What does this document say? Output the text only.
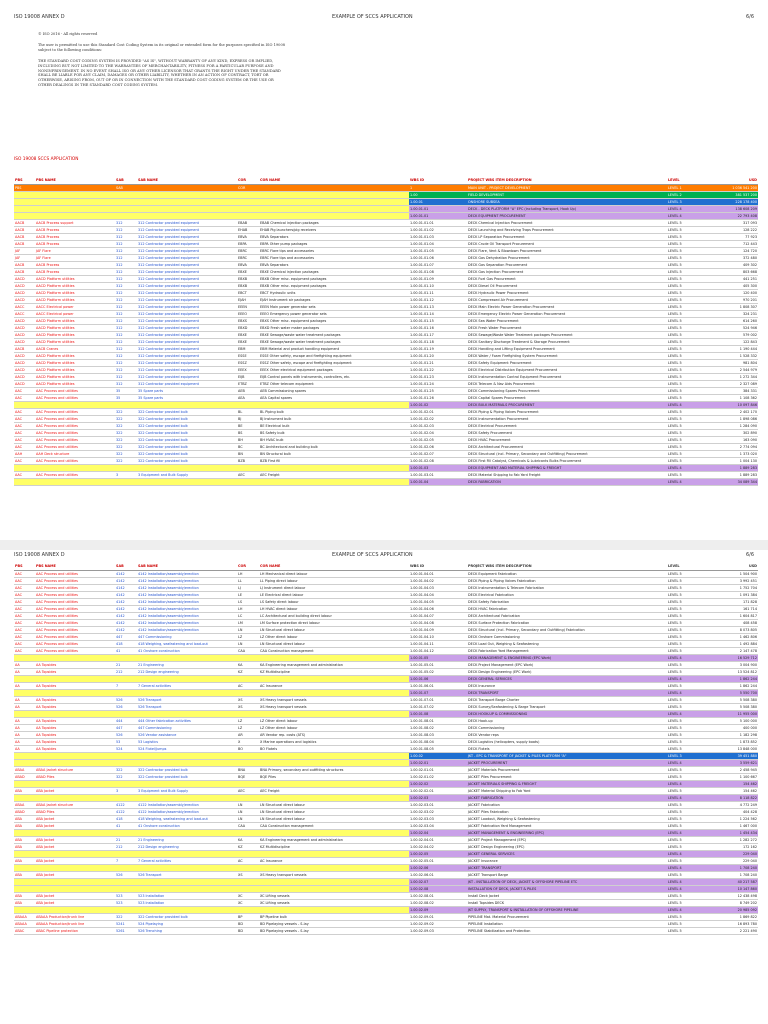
ISO 19008 ANNEX D	EXAMPLE OF SCCS APPLICATION	6/6

© ISO 2016 - All rights reserved

The user is permitted to use this Standard Cost Coding System in its original or extended form for the purposes specified in ISO 19008 subject to the following conditions:

THE STANDARD COST CODING SYSTEM IS PROVIDED "AS IS", WITHOUT WARRANTY OF ANY KIND, EXPRESS OR IMPLIED, INCLUDING BUT NOT LIMITED TO THE WARRANTIES OF MERCHANTABILITY, FITNESS FOR A PARTICULAR PURPOSE AND NONINFRINGEMENT. IN NO EVENT SHALL ISO OR ANY OTHER LICENSOR THAT GRANTS THE RIGHT UNDER THE STANDARD SHALL BE LIABLE FOR ANY CLAIM, DAMAGES OR OTHER LIABILITY, WHETHER IN AN ACTION OF CONTRACT, TORT OR OTHERWISE, ARISING FROM, OUT OF OR IN CONNECTION WITH THE STANDARD COST CODING SYSTEM OR THE USE OR OTHER DEALINGS IN THE STANDARD COST CODING SYSTEM.

ISO 19008 SCCS APPLICATION
PBS	PBS NAME	SAB	SAB NAME	COR	COR NAME	WBS ID	PROJECT WBS ITEM DESCRIPTION	LEVEL	USD
PBS		SAB		COR		1	MAIN UNIT - PROJECT DEVELOPMENT	LEVEL 1	1 036 541 200
						1.00	FIELD DEVELOPMENT	LEVEL 2	381 537 200
						1.00.01	ONSHORE SUBSEA	LEVEL 3	228 178 400
						1.00.01.01	DECK - DECK PLATFORM "A" EPC (including Transport, Hook Up)	LEVEL 4	138 608 209
						1.00.01.01	DECK EQUIPMENT PROCUREMENT	LEVEL 4	22 793 408
AACB	AACB Process support	312	312 Contractor provided equipment	EBAB	EBAB Chemical injection packages	1.00.01.01.01	DECK Chemical Injection Procurement	LEVEL 5	317 093
AACB	AACB Process	312	312 Contractor provided equipment	EHAB	EHAB Pig launchers/pig receivers	1.00.01.01.02	DECK Launching and Receiving Traps Procurement	LEVEL 5	128 222
AACB	AACB Process	312	312 Contractor provided equipment	EBVA	EBVA Separators	1.00.01.01.03	DECK LP Separation Procurement	LEVEL 5	77 923
AACB	AACB Process	312	312 Contractor provided equipment	EBPA	EBPA Other pump packages	1.00.01.01.04	DECK Crude Oil Transport Procurement	LEVEL 5	712 443
JAF	JAF Flare	312	312 Contractor provided equipment	EBRC	EBRC Flare tips and accessories	1.00.01.01.05	DECK Flare, Vent & Blowdown Procurement	LEVEL 5	124 720
JAF	JAF Flare	312	312 Contractor provided equipment	EBRC	EBRC Flare tips and accessories	1.00.01.01.06	DECK Gas Dehydration Procurement	LEVEL 5	372 480
AACB	AACB Process	312	312 Contractor provided equipment	EBVA	EBVA Separators	1.00.01.01.07	DECK Gas Separation Procurement	LEVEL 5	409 302
AACB	AACB Process	312	312 Contractor provided equipment	EBXE	EBXE Chemical injection packages	1.00.01.01.08	DECK Gas Injection Procurement	LEVEL 5	803 668
AACD	AACD Platform utilities	312	312 Contractor provided equipment	EBXB	EBXB Other misc. equipment packages	1.00.01.01.09	DECK Fuel Gas Procurement	LEVEL 5	441 251
AACD	AACD Platform utilities	312	312 Contractor provided equipment	EBXB	EBXB Other misc. equipment packages	1.00.01.01.10	DECK Diesel Oil Procurement	LEVEL 5	405 300
AACD	AACD Platform utilities	312	312 Contractor provided equipment	EBCT	EBCT Hydraulic units	1.00.01.01.11	DECK Hydraulic Power Procurement	LEVEL 5	120 400
AACD	AACD Platform utilities	312	312 Contractor provided equipment	EJAH	EJAH Instrument air packages	1.00.01.01.12	DECK Compressed Air Procurement	LEVEL 5	970 201
AACC	AACC Electrical power	312	312 Contractor provided equipment	EEEN	EEEN Main power generator sets	1.00.01.01.13	DECK Main Electric Power Generation Procurement	LEVEL 5	1 808 307
AACC	AACC Electrical power	312	312 Contractor provided equipment	EEEO	EEEO Emergency power generator sets	1.00.01.01.14	DECK Emergency Electric Power Generation Procurement	LEVEL 5	324 231
AACD	AACD Platform utilities	312	312 Contractor provided equipment	EBXS	EBXS Other misc. equipment packages	1.00.01.01.15	DECK Sea Water Procurement	LEVEL 5	614 260
AACD	AACD Platform utilities	312	312 Contractor provided equipment	EBXD	EBXD Fresh water maker packages	1.00.01.01.16	DECK Fresh Water Procurement	LEVEL 5	524 946
AACD	AACD Platform utilities	312	312 Contractor provided equipment	EBXE	EBXE Sewage/waste water treatment packages	1.00.01.01.17	DECK Sewage/Waste Water Treatment packages Procurement	LEVEL 5	579 002
AACD	AACD Platform utilities	312	312 Contractor provided equipment	EBXE	EBXE Sewage/waste water treatment packages	1.00.01.01.18	DECK Sanitary Discharge Treatment & Storage Procurement	LEVEL 5	122 843
AACB	AACB Cranes	312	312 Contractor provided equipment	EBM	EBM Material and product handling equipment	1.00.01.01.19	DECK Handling and Lifting Equipment Procurement	LEVEL 5	1 190 444
AACD	AACD Platform utilities	312	312 Contractor provided equipment	ESSE	ESSE Other safety, escape and firefighting equipment	1.00.01.01.20	DECK Water / Foam Firefighting System Procurement	LEVEL 5	1 528 332
AACD	AACD Platform utilities	312	312 Contractor provided equipment	ESSZ	ESSZ Other safety, escape and firefighting equipment	1.00.01.01.21	DECK Safety Equipment Procurement	LEVEL 5	981 804
AACD	AACD Platform utilities	312	312 Contractor provided equipment	EEEX	EEEX Other electrical equipment packages	1.00.01.01.22	DECK Electrical Distribution Equipment Procurement	LEVEL 5	2 544 979
AACD	AACD Platform utilities	312	312 Contractor provided equipment	EIJB	EIJB Control panels with instruments, controllers, etc.	1.00.01.01.23	DECK Instrumentation Control Equipment Procurement	LEVEL 5	1 272 344
AACD	AACD Platform utilities	312	312 Contractor provided equipment	ETBZ	ETBZ Other telecom equipment	1.00.01.01.24	DECK Telecom & Nav Aids Procurement	LEVEL 5	2 327 089
AAC	AAC Process and utilities	35	35 Spare parts	AEB	AEB Commissioning spares	1.00.01.01.25	DECK Commissioning Spares Procurement	LEVEL 5	384 331
AAC	AAC Process and utilities	35	35 Spare parts	AEA	AEA Capital spares	1.00.01.01.26	DECK Capital Spares Procurement	LEVEL 5	1 108 362
						1.00.01.02	DECK BULK MATERIALS PROCUREMENT	LEVEL 4	10 097 846
AAC	AAC Process and utilities	322	322 Contractor provided bulk	BL	BL Piping bulk	1.00.01.02.01	DECK Piping & Piping Valves Procurement	LEVEL 5	2 402 170
AAC	AAC Process and utilities	322	322 Contractor provided bulk	BJ	BJ Instrument bulk	1.00.01.02.02	DECK Instrumentation Procurement	LEVEL 5	1 898 086
AAC	AAC Process and utilities	322	322 Contractor provided bulk	BE	BE Electrical bulk	1.00.01.02.03	DECK Electrical Procurement	LEVEL 5	1 284 090
AAC	AAC Process and utilities	322	322 Contractor provided bulk	BS	BS Safety bulk	1.00.01.02.04	DECK Safety Procurement	LEVEL 5	302 890
AAC	AAC Process and utilities	322	322 Contractor provided bulk	BH	BH HVAC bulk	1.00.01.02.05	DECK HVAC Procurement	LEVEL 5	163 090
AAC	AAC Process and utilities	322	322 Contractor provided bulk	BC	BC Architectural and building bulk	1.00.01.02.06	DECK Architectural Procurement	LEVEL 5	2 774 094
AAH	AAH Deck structure	322	322 Contractor provided bulk	BN	BN Structural bulk	1.00.01.02.07	DECK Structural (incl. Primary, Secondary and Outfitting) Procurement	LEVEL 5	1 373 020
AAC	AAC Process and utilities	322	322 Contractor provided bulk	BZB	BZB First fill	1.00.01.02.08	DECK First Fill Catalyst, Chemicals & Lubricants Bulks Procurement	LEVEL 5	1 004 130
						1.00.01.03	DECK EQUIPMENT AND MATERIAL SHIPPING & FREIGHT	LEVEL 4	1 889 283
AAC	AAC Process and utilities	3	3 Equipment and Bulk Supply	AEC	AEC Freight	1.00.01.03.01	DECK Material Shipping to Fab Yard Freight	LEVEL 5	1 889 283
						1.00.01.04	DECK FABRICATION	LEVEL 4	34 089 344
ISO 19008 ANNEX D	EXAMPLE OF SCCS APPLICATION	6/6
PBS	PBS NAME	SAB	SAB NAME	COR	COR NAME	WBS ID	PROJECT WBS ITEM DESCRIPTION	LEVEL	USD
AAC	AAC Process and utilities	4142	4142 Installation/assembly/erection	LH	LH Mechanical direct labour	1.00.01.04.01	DECK Equipment Fabrication	LEVEL 5	1 504 900
AAC	AAC Process and utilities	4142	4142 Installation/assembly/erection	LL	LL Piping direct labour	1.00.01.04.02	DECK Piping & Piping Valves Fabrication	LEVEL 5	3 992 451
AAC	AAC Process and utilities	4142	4142 Installation/assembly/erection	LJ	LJ Instrument direct labour	1.00.01.04.03	DECK Instrumentation & Telecom Fabrication	LEVEL 5	1 752 704
AAC	AAC Process and utilities	4142	4142 Installation/assembly/erection	LE	LE Electrical direct labour	1.00.01.04.04	DECK Electrical Fabrication	LEVEL 5	1 091 384
AAC	AAC Process and utilities	4142	4142 Installation/assembly/erection	LS	LS Safety direct labour	1.00.01.04.05	DECK Safety Fabrication	LEVEL 5	171 828
AAC	AAC Process and utilities	4142	4142 Installation/assembly/erection	LH	LH HVAC direct labour	1.00.01.04.06	DECK HVAC Fabrication	LEVEL 5	161 714
AAC	AAC Process and utilities	4142	4142 Installation/assembly/erection	LC	LC Architectural and building direct labour	1.00.01.04.07	DECK Architectural Fabrication	LEVEL 5	1 604 817
AAC	AAC Process and utilities	4142	4142 Installation/assembly/erection	LM	LM Surface protection direct labour	1.00.01.04.08	DECK Surface Protection Fabrication	LEVEL 5	408 458
AAC	AAC Process and utilities	4142	4142 Installation/assembly/erection	LN	LN Structural direct labour	1.00.01.04.09	DECK Structural (incl. Primary, Secondary and Outfitting) Fabrication	LEVEL 5	8 073 805
AAC	AAC Process and utilities	447	447 Commissioning	LZ	LZ Other direct labour	1.00.01.04.10	DECK Onshore Commissioning	LEVEL 5	1 462 806
AAC	AAC Process and utilities	418	418 Weighing, seafastening and load-out	LN	LN Structural direct labour	1.00.01.04.11	DECK Load Out, Weighing & Seafastening	LEVEL 5	1 492 884
AAC	AAC Process and utilities	41	41 Onshore construction	CAA	CAA Construction management	1.00.01.04.12	DECK Fabrication Yard Management	LEVEL 5	2 147 478
						1.00.01.05	DECK MANAGEMENT & ENGINEERING (EPC Work)	LEVEL 4	16 529 712
AA	AA Topsides	21	21 Engineering	KA	KA Engineering management and administration	1.00.01.05.01	DECK Project Management (EPC Work)	LEVEL 5	3 004 900
AA	AA Topsides	212	212 Design engineering	KZ	KZ Multidiscipline	1.00.01.05.02	DECK Design Engineering (EPC Work)	LEVEL 5	13 524 812
						1.00.01.06	DECK GENERAL SERVICES	LEVEL 4	1 862 244
AA	AA Topsides	7	7 General activities	AC	AC Insurance	1.00.01.06.01	DECK Insurance	LEVEL 5	1 862 244
						1.00.01.07	DECK TRANSPORT	LEVEL 4	5 550 700
AA	AA Topsides	526	526 Transport	XS	XS Heavy transport vessels	1.00.01.07.01	DECK Transport Barge Charter	LEVEL 5	5 508 380
AA	AA Topsides	526	526 Transport	XS	XS Heavy transport vessels	1.00.01.07.02	DECK Survey/Seafastening & Barge Transport	LEVEL 5	5 508 380
						1.00.01.08	DECK HOOK-UP & COMMISSIONING	LEVEL 4	11 955 000
AA	AA Topsides	444	444 Other fabrication activities	LZ	LZ Other direct labour	1.00.01.08.01	DECK Hook-up	LEVEL 5	5 100 000
AA	AA Topsides	447	447 Commissioning	LZ	LZ Other direct labour	1.00.01.08.02	DECK Commissioning	LEVEL 5	400 000
AA	AA Topsides	526	526 Vendor assistance	AR	AR Vendor rep. costs (ATS)	1.00.01.08.03	DECK Vendor reps	LEVEL 5	1 182 298
AA	AA Topsides	53	53 Logistics	X	X Marine operations and logistics	1.00.01.08.04	DECK Logistics (helicopters, supply boats)	LEVEL 5	1 873 852
AA	AA Topsides	524	524 Flotel/Jumps	BO	BO Flotels	1.00.01.08.05	DECK Flotels	LEVEL 5	13 848 000
						1.00.02	JKT - EPC & TRANSPORT OF JACKET & PILES PLATFORM "A"	LEVEL 3	39 451 880
						1.00.02.01	JACKET PROCUREMENT	LEVEL 4	3 559 621
ABAA	ABAA Jacket structure	322	322 Contractor provided bulk	BNA	BNA Primary, secondary and outfitting structures	1.00.02.01.01	JACKET Materials Procurement	LEVEL 5	2 458 945
ABAD	ABAD Piles	322	322 Contractor provided bulk	BQE	BQE Piles	1.00.02.01.02	JACKET Piles Procurement	LEVEL 5	1 100 667
						1.00.02.02	JACKET MATERIALS SHIPPING & FREIGHT	LEVEL 4	154 462
ABA	ABA Jacket	3	3 Equipment and Bulk Supply	AEC	AEC Freight	1.00.02.02.01	JACKET Material Shipping to Fab Yard	LEVEL 5	154 462
						1.00.02.03	JACKET FABRICATION	LEVEL 4	8 118 822
ABAA	ABAA Jacket structure	4122	4122 Installation/assembly/erection	LN	LN Structural direct labour	1.00.02.03.01	JACKET Fabrication	LEVEL 5	4 772 249
ABAD	ABAD Piles	4122	4122 Installation/assembly/erection	LN	LN Structural direct labour	1.00.02.03.02	JACKET Piles Fabrication	LEVEL 5	404 428
ABA	ABA Jacket	418	418 Weighing, seafastening and load-out	LN	LN Structural direct labour	1.00.02.03.03	JACKET Loadout, Weighing & Seafastening	LEVEL 5	1 224 562
ABA	ABA Jacket	41	41 Onshore construction	CAA	CAA Construction management	1.00.02.03.04	JACKET Fabrication Yard Management	LEVEL 5	1 467 000
						1.00.02.04	JACKET MANAGEMENT & ENGINEERING (EPC)	LEVEL 4	1 454 434
ABA	ABA Jacket	21	21 Engineering	KA	KA Engineering management and administration	1.00.02.04.01	JACKET Project Management (EPC)	LEVEL 5	1 282 272
ABA	ABA Jacket	212	212 Design engineering	KZ	KZ Multidiscipline	1.00.02.04.02	JACKET Design Engineering (EPC)	LEVEL 5	172 162
						1.00.02.05	JACKET GENERAL SERVICES	LEVEL 4	229 040
ABA	ABA Jacket	7	7 General activities	AC	AC Insurance	1.00.02.05.01	JACKET Insurance	LEVEL 5	229 040
						1.00.02.06	JACKET TRANSPORT	LEVEL 4	1 708 240
ABA	ABA Jacket	526	526 Transport	XS	XS Heavy transport vessels	1.00.02.06.01	JACKET Transport Barge	LEVEL 5	1 708 240
						1.00.02.07	JKT - INSTALLATION OF DECK, JACKET & OFFSHORE PIPELINE ETC	LEVEL 4	40 217 587
						1.00.02.08	INSTALLATION OF DECK, JACKET & PILES	LEVEL 4	10 147 860
ABA	ABA Jacket	523	523 Installation	XC	XC Lifting vessels	1.00.02.08.01	Install Deck Jacket	LEVEL 5	12 438 498
ABA	ABA Jacket	523	523 Installation	XC	XC Lifting vessels	1.00.02.08.02	Install Topsides DECK	LEVEL 5	8 749 202
						1.00.02.09	JKT SUPPLY, TRANSPORT & INSTALLATION OF OFFSHORE PIPELINE	LEVEL 4	20 985 092
ABAAA	ABAAA Production/trunk line	322	322 Contractor provided bulk	BP	BP Pipeline bulk	1.00.02.09.01	PIPELINE Mat. Material Procurement	LEVEL 5	1 869 822
ABAAA	ABAAA Production/trunk line	5241	524 Pipelaying	BD	BD Pipelaying vessels - S-lay	1.00.02.09.02	PIPELINE Installation	LEVEL 5	16 893 780
ABAC	ABAC Pipeline protection	5261	526 Trenching	BD	BD Pipelaying vessels - S-lay	1.00.02.09.03	PIPELINE Stabilization and Protection	LEVEL 5	2 221 490
